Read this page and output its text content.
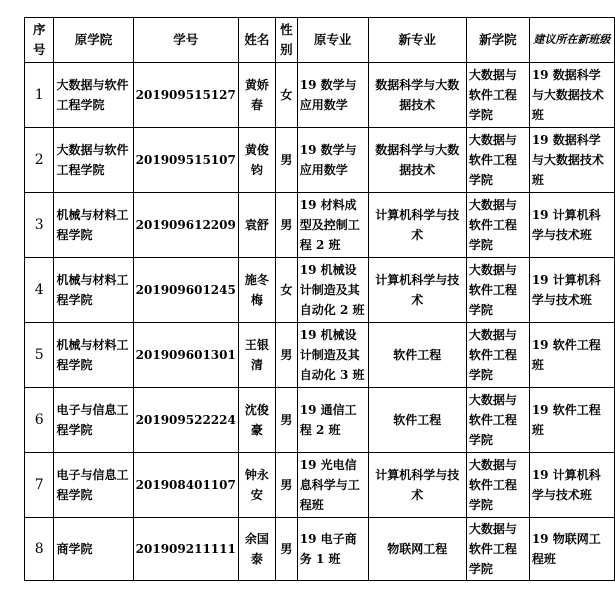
序号	原学院	学号	姓名	性别	原专业	新专业	新学院	建议所在新班级
1	大数据与软件工程学院	201909515127	黄娇春	女	19 数学与应用数学	数据科学与大数据技术	大数据与软件工程学院	19 数据科学与大数据技术班
2	大数据与软件工程学院	201909515107	黄俊钧	男	19 数学与应用数学	数据科学与大数据技术	大数据与软件工程学院	19 数据科学与大数据技术班
3	机械与材料工程学院	201909612209	袁舒	男	19 材料成型及控制工程 2 班	计算机科学与技术	大数据与软件工程学院	19 计算机科学与技术班
4	机械与材料工程学院	201909601245	施冬梅	女	19 机械设计制造及其自动化 2 班	计算机科学与技术	大数据与软件工程学院	19 计算机科学与技术班
5	机械与材料工程学院	201909601301	王银清	男	19 机械设计制造及其自动化 3 班	软件工程	大数据与软件工程学院	19 软件工程班
6	电子与信息工程学院	201909522224	沈俊豪	男	19 通信工程 2 班	软件工程	大数据与软件工程学院	19 软件工程班
7	电子与信息工程学院	201908401107	钟永安	男	19 光电信息科学与工程班	计算机科学与技术	大数据与软件工程学院	19 计算机科学与技术班
8	商学院	201909211111	余国泰	男	19 电子商务 1 班	物联网工程	大数据与软件工程学院	19 物联网工程班
